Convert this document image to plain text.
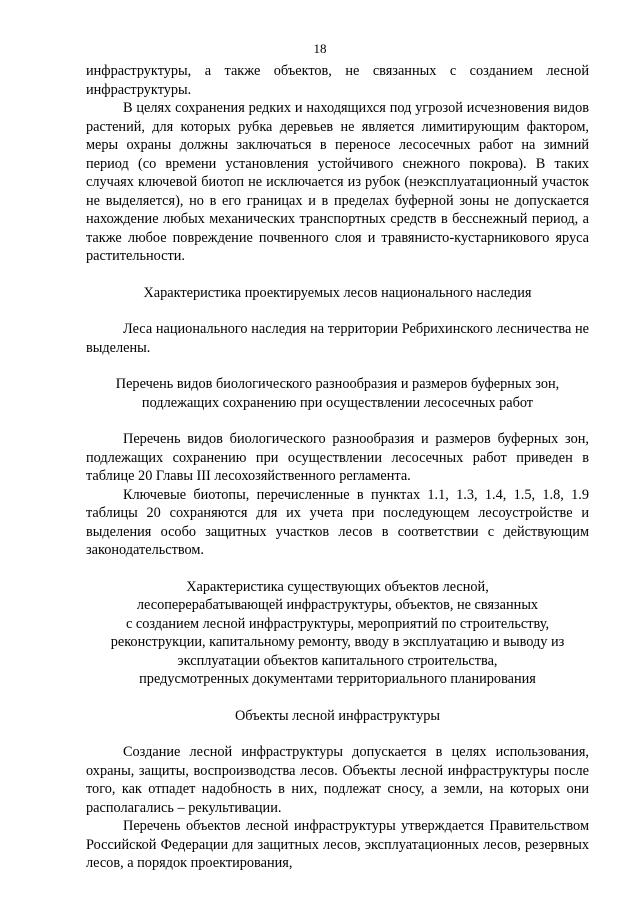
18

инфраструктуры, а также объектов, не связанных с созданием лесной инфраструктуры.

В целях сохранения редких и находящихся под угрозой исчезновения видов растений, для которых рубка деревьев не является лимитирующим фактором, меры охраны должны заключаться в переносе лесосечных работ на зимний период (со времени установления устойчивого снежного покрова). В таких случаях ключевой биотоп не исключается из рубок (неэксплуатационный участок не выделяется), но в его границах и в пределах буферной зоны не допускается нахождение любых механических транспортных средств в бесснежный период, а также любое повреждение почвенного слоя и травянисто-кустарникового яруса растительности.

Характеристика проектируемых лесов национального наследия

Леса национального наследия на территории Ребрихинского лесничества не выделены.

Перечень видов биологического разнообразия и размеров буферных зон,
подлежащих сохранению при осуществлении лесосечных работ

Перечень видов биологического разнообразия и размеров буферных зон, подлежащих сохранению при осуществлении лесосечных работ приведен в таблице 20 Главы III лесохозяйственного регламента.

Ключевые биотопы, перечисленные в пунктах 1.1, 1.3, 1.4, 1.5, 1.8, 1.9 таблицы 20 сохраняются для их учета при последующем лесоустройстве и выделения особо защитных участков лесов в соответствии с действующим законодательством.

Характеристика существующих объектов лесной,
лесоперерабатывающей инфраструктуры, объектов, не связанных
с созданием лесной инфраструктуры, мероприятий по строительству,
реконструкции, капитальному ремонту, вводу в эксплуатацию и выводу из
эксплуатации объектов капитального строительства,
предусмотренных документами территориального планирования

Объекты лесной инфраструктуры

Создание лесной инфраструктуры допускается в целях использования, охраны, защиты, воспроизводства лесов. Объекты лесной инфраструктуры после того, как отпадет надобность в них, подлежат сносу, а земли, на которых они располагались – рекультивации.

Перечень объектов лесной инфраструктуры утверждается Правительством Российской Федерации для защитных лесов, эксплуатационных лесов, резервных лесов, а порядок проектирования,
